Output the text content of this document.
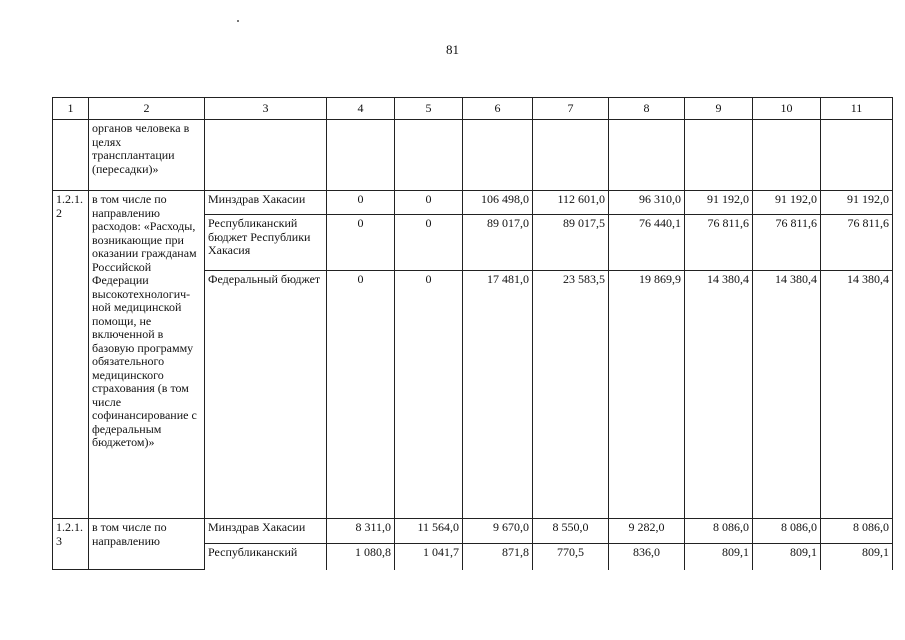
81
1	2	3	4	5	6	7	8	9	10	11
	органов человека в целях трансплантации (пересадки)»									
1.2.1. 2	в том числе по направлению расходов: «Расходы, возникающие при оказании гражданам Российской Федерации высокотехнологич-ной медицинской помощи, не включенной в базовую программу обязательного медицинского страхования (в том числе софинансирование с федеральным бюджетом)»	Минздрав Хакасии	0	0	106 498,0	112 601,0	96 310,0	91 192,0	91 192,0	91 192,0
		Республиканский бюджет Республики Хакасия	0	0	89 017,0	89 017,5	76 440,1	76 811,6	76 811,6	76 811,6
		Федеральный бюджет	0	0	17 481,0	23 583,5	19 869,9	14 380,4	14 380,4	14 380,4
1.2.1. 3	в том числе по направлению	Минздрав Хакасии	8 311,0	11 564,0	9 670,0	8 550,0	9 282,0	8 086,0	8 086,0	8 086,0
		Республиканский	1 080,8	1 041,7	871,8	770,5	836,0	809,1	809,1	809,1
